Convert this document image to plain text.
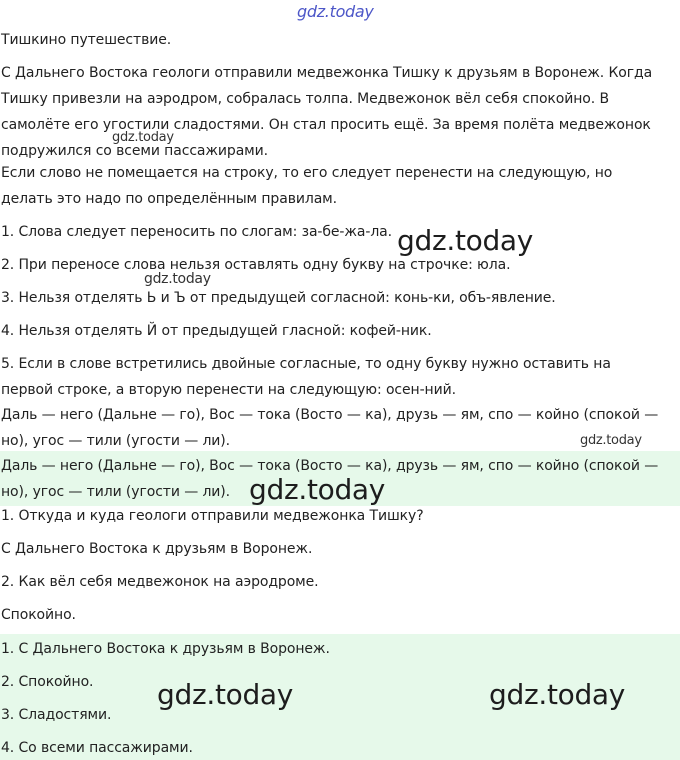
gdz.today
Тишкино путешествие.
С Дальнего Востока геологи отправили медвежонка Тишку к друзьям в Воронеж. Когда
Тишку привезли на аэродром, собралась толпа. Медвежонок вёл себя спокойно. В
самолёте его угостили сладостями. Он стал просить ещё. За время полёта медвежонок
подружился со всеми пассажирами.
Если слово не помещается на строку, то его следует перенести на следующую, но
делать это надо по определённым правилам.
1. Слова следует переносить по слогам: за-бе-жа-ла.
2. При переносе слова нельзя оставлять одну букву на строчке: юла.
3. Нельзя отделять Ь и Ъ от предыдущей согласной: конь-ки, объ-явление.
4. Нельзя отделять Й от предыдущей гласной: кофей-ник.
5. Если в слове встретились двойные согласные, то одну букву нужно оставить на
первой строке, а вторую перенести на следующую: осен-ний.
Даль — него (Дальне — го), Вос — тока (Восто — ка), друзь — ям, спо — койно (спокой —
но), угос — тили (угости — ли).
Даль — него (Дальне — го), Вос — тока (Восто — ка), друзь — ям, спо — койно (спокой —
но), угос — тили (угости — ли).
1. Откуда и куда геологи отправили медвежонка Тишку?
С Дальнего Востока к друзьям в Воронеж.
2. Как вёл себя медвежонок на аэродроме.
Спокойно.
1. С Дальнего Востока к друзьям в Воронеж.
2. Спокойно.
3. Сладостями.
4. Со всеми пассажирами.
gdz.today
gdz.today
gdz.today
gdz.today
gdz.today
gdz.today	gdz.today
